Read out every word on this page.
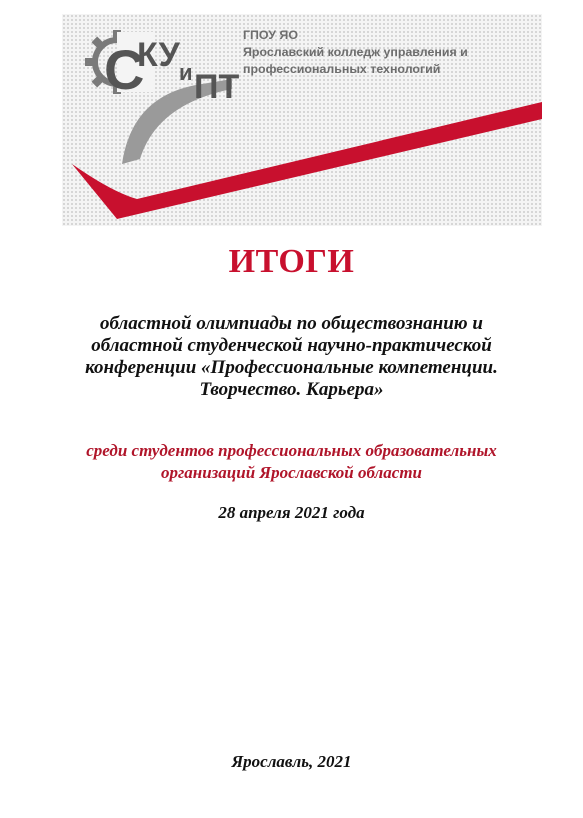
С
КУ и ПТ
ГПОУ ЯО
Ярославский колледж управления и
профессиональных технологий
ИТОГИ
областной олимпиады по обществознанию и
областной студенческой научно-практической
конференции «Профессиональные компетенции.
Творчество. Карьера»
среди студентов профессиональных образовательных
организаций Ярославской области
28 апреля 2021 года
Ярославль, 2021
